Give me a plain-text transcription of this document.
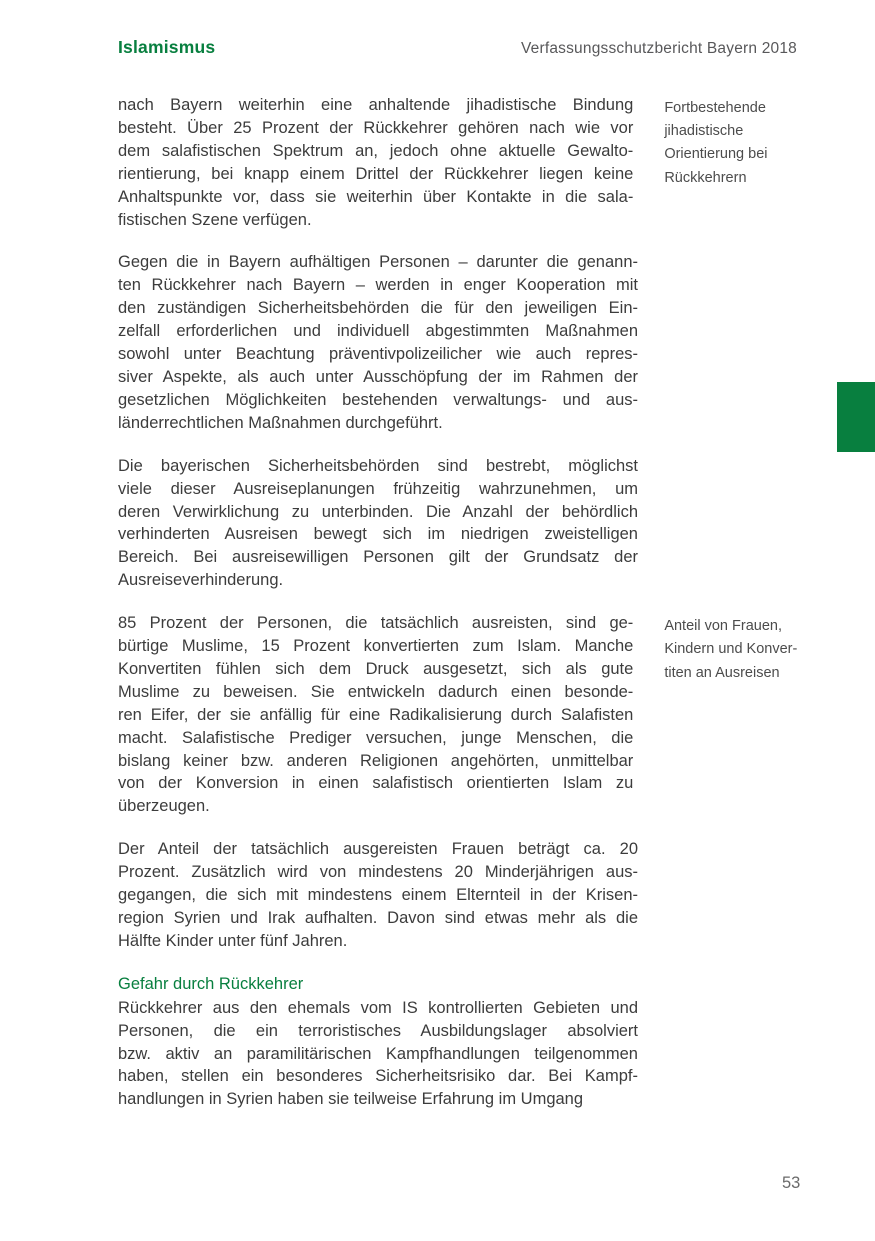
Islamismus	Verfassungsschutzbericht Bayern 2018
nach Bayern weiterhin eine anhaltende jihadistische Bindung
besteht. Über 25 Prozent der Rückkehrer gehören nach wie vor
dem salafistischen Spektrum an, jedoch ohne aktuelle Gewalto-
rientierung, bei knapp einem Drittel der Rückkehrer liegen keine
Anhaltspunkte vor, dass sie weiterhin über Kontakte in die sala-
fistischen Szene verfügen.
Fortbestehende
jihadistische
Orientierung bei
Rückkehrern
Gegen die in Bayern aufhältigen Personen – darunter die genann-
ten Rückkehrer nach Bayern – werden in enger Kooperation mit
den zuständigen Sicherheitsbehörden die für den jeweiligen Ein-
zelfall erforderlichen und individuell abgestimmten Maßnahmen
sowohl unter Beachtung präventivpolizeilicher wie auch repres-
siver Aspekte, als auch unter Ausschöpfung der im Rahmen der
gesetzlichen Möglichkeiten bestehenden verwaltungs- und aus-
länderrechtlichen Maßnahmen durchgeführt.
Die bayerischen Sicherheitsbehörden sind bestrebt, möglichst
viele dieser Ausreiseplanungen frühzeitig wahrzunehmen, um
deren Verwirklichung zu unterbinden. Die Anzahl der behördlich
verhinderten Ausreisen bewegt sich im niedrigen zweistelligen
Bereich. Bei ausreisewilligen Personen gilt der Grundsatz der
Ausreiseverhinderung.
85 Prozent der Personen, die tatsächlich ausreisten, sind ge-
bürtige Muslime, 15 Prozent konvertierten zum Islam. Manche
Konvertiten fühlen sich dem Druck ausgesetzt, sich als gute
Muslime zu beweisen. Sie entwickeln dadurch einen besonde-
ren Eifer, der sie anfällig für eine Radikalisierung durch Salafisten
macht. Salafistische Prediger versuchen, junge Menschen, die
bislang keiner bzw. anderen Religionen angehörten, unmittelbar
von der Konversion in einen salafistisch orientierten Islam zu
überzeugen.
Anteil von Frauen,
Kindern und Konver-
titen an Ausreisen
Der Anteil der tatsächlich ausgereisten Frauen beträgt ca. 20
Prozent. Zusätzlich wird von mindestens 20 Minderjährigen aus-
gegangen, die sich mit mindestens einem Elternteil in der Krisen-
region Syrien und Irak aufhalten. Davon sind etwas mehr als die
Hälfte Kinder unter fünf Jahren.
Gefahr durch Rückkehrer
Rückkehrer aus den ehemals vom IS kontrollierten Gebieten und
Personen, die ein terroristisches Ausbildungslager absolviert
bzw. aktiv an paramilitärischen Kampfhandlungen teilgenommen
haben, stellen ein besonderes Sicherheitsrisiko dar. Bei Kampf-
handlungen in Syrien haben sie teilweise Erfahrung im Umgang
53
